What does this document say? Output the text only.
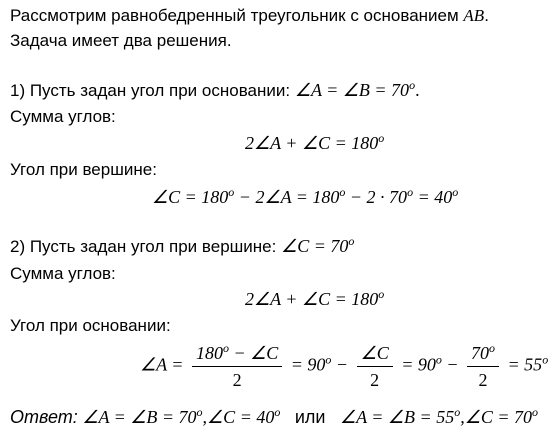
Рассмотрим равнобедренный треугольник с основанием AB.
Задача имеет два решения.
1) Пусть задан угол при основании: ∠A = ∠B = $70^o$.
Сумма углов:
2∠A + ∠C = $180^o$
Угол при вершине:
∠C = $180^o$ − 2∠A = $180^o - 2 \cdot 70^o = 40^o$
2) Пусть задан угол при вершине: ∠C = $70^o$
Сумма углов:
2∠A + ∠C = $180^o$
Угол при основании:
∠A = $\frac{180^o - \angle C}{2} = 90^o - \frac{\angle C}{2} = 90^o - \frac{70^o}{2} = 55^o$
Ответ: ∠A = ∠B = $70^o,\angle C = 40^o$ или ∠A = ∠B = $55^o,\angle C = 70^o$
